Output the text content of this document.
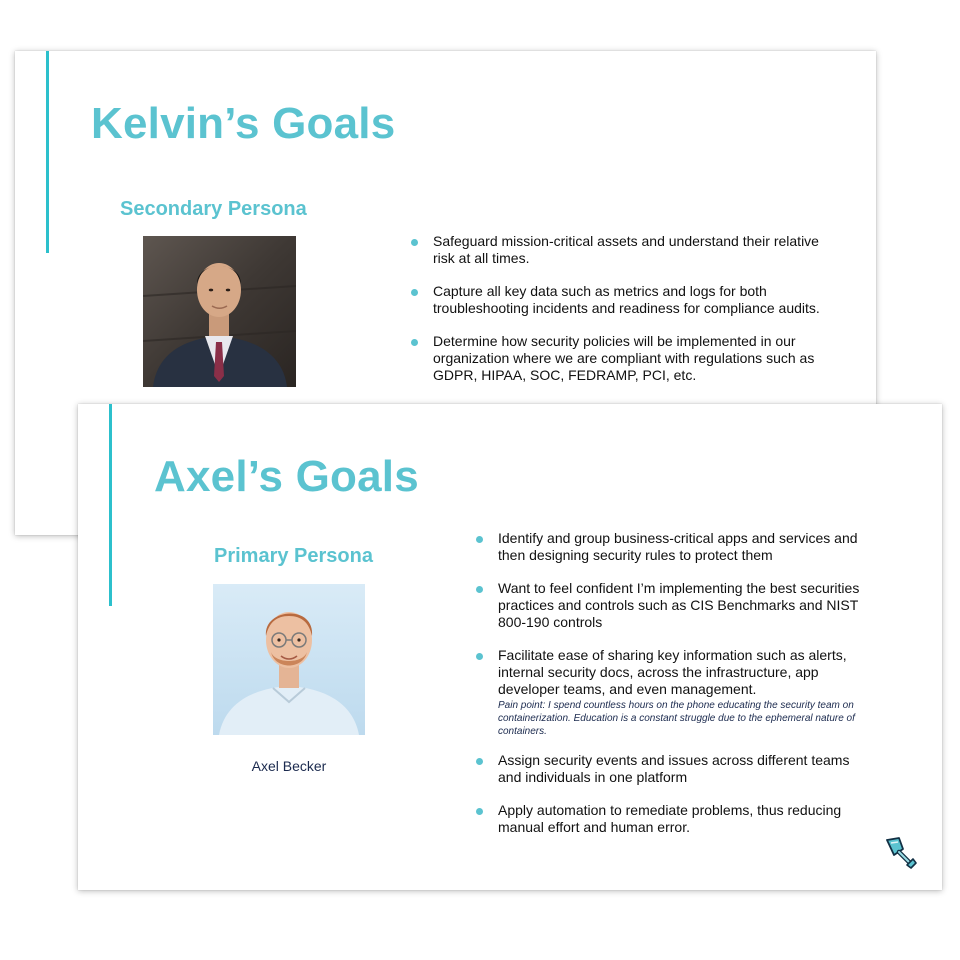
Kelvin’s Goals
Secondary Persona
Safeguard mission-critical assets and understand their relative risk at all times.
Capture all key data such as metrics and logs for both troubleshooting incidents and readiness for compliance audits.
Determine how security policies will be implemented in our organization where we are compliant with regulations such as GDPR, HIPAA, SOC, FEDRAMP, PCI, etc.
Axel’s Goals
Primary Persona

Axel Becker

Identify and group business-critical apps and services and then designing security rules to protect them
Want to feel confident I’m implementing the best securities practices and controls such as CIS Benchmarks and NIST 800-190 controls
Facilitate ease of sharing key information such as alerts, internal security docs, across the infrastructure, app developer teams, and even management.
Pain point: I spend countless hours on the phone educating the security team on containerization. Education is a constant struggle due to the ephemeral nature of containers.
Assign security events and issues across different teams and individuals in one platform
Apply automation to remediate problems, thus reducing manual effort and human error.
